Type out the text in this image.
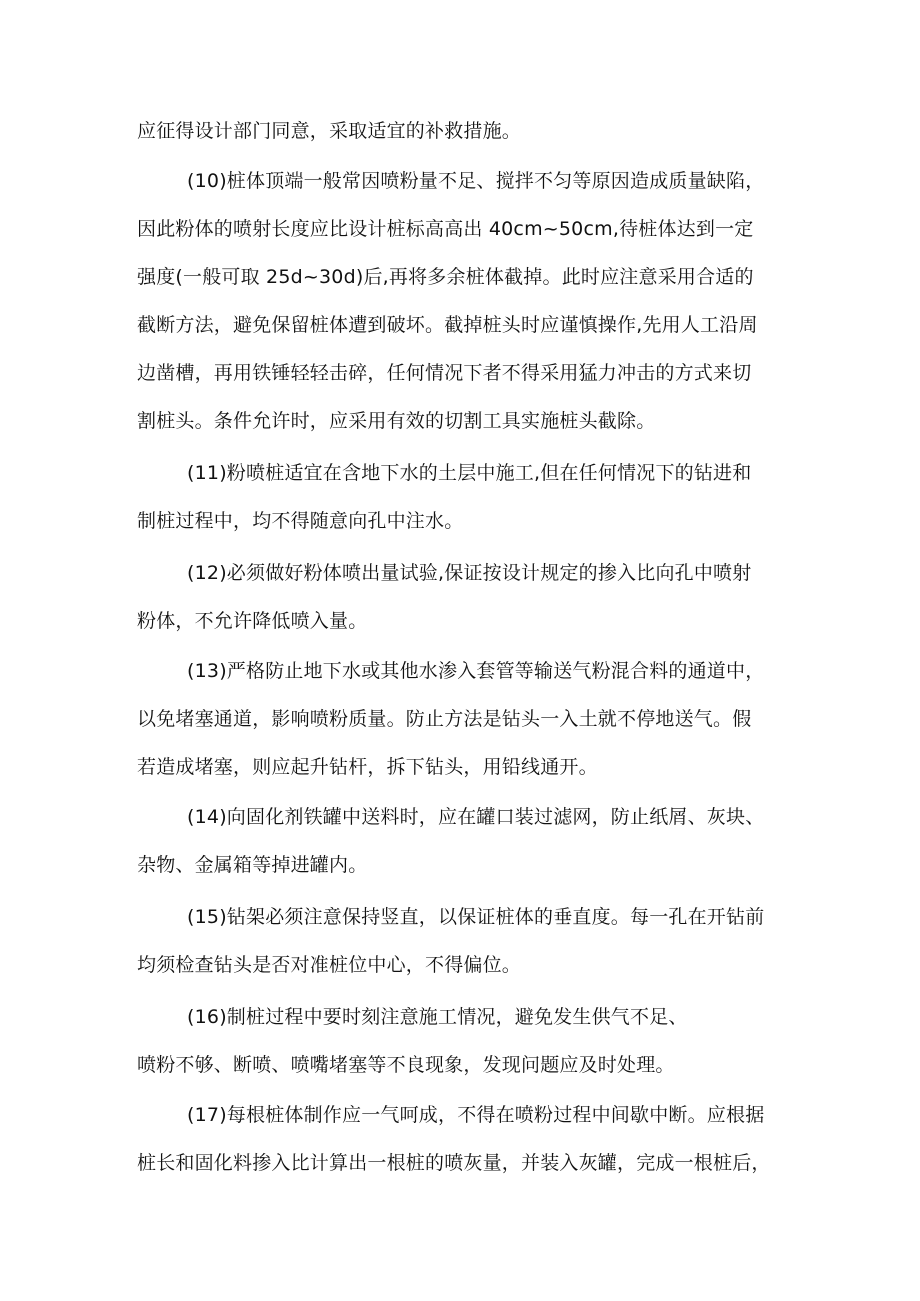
应征得设计部门同意，采取适宜的补救措施。
(10)桩体顶端一般常因喷粉量不足、搅拌不匀等原因造成质量缺陷，
因此粉体的喷射长度应比设计桩标高高出 40cm~50cm,待桩体达到一定
强度(一般可取 25d~30d)后,再将多余桩体截掉。此时应注意采用合适的
截断方法，避免保留桩体遭到破坏。截掉桩头时应谨慎操作,先用人工沿周
边凿槽，再用铁锤轻轻击碎，任何情况下者不得采用猛力冲击的方式来切
割桩头。条件允许时，应采用有效的切割工具实施桩头截除。
(11)粉喷桩适宜在含地下水的土层中施工,但在任何情况下的钻进和
制桩过程中，均不得随意向孔中注水。
(12)必须做好粉体喷出量试验,保证按设计规定的掺入比向孔中喷射
粉体，不允许降低喷入量。
(13)严格防止地下水或其他水渗入套管等输送气粉混合料的通道中，
以免堵塞通道，影响喷粉质量。防止方法是钻头一入土就不停地送气。假
若造成堵塞，则应起升钻杆，拆下钻头，用铅线通开。
(14)向固化剂铁罐中送料时，应在罐口装过滤网，防止纸屑、灰块、
杂物、金属箱等掉进罐内。
(15)钻架必须注意保持竖直，以保证桩体的垂直度。每一孔在开钻前
均须检查钻头是否对准桩位中心，不得偏位。
(16)制桩过程中要时刻注意施工情况，避免发生供气不足、
喷粉不够、断喷、喷嘴堵塞等不良现象，发现问题应及时处理。
(17)每根桩体制作应一气呵成，不得在喷粉过程中间歇中断。应根据
桩长和固化料掺入比计算出一根桩的喷灰量，并装入灰罐，完成一根桩后，
